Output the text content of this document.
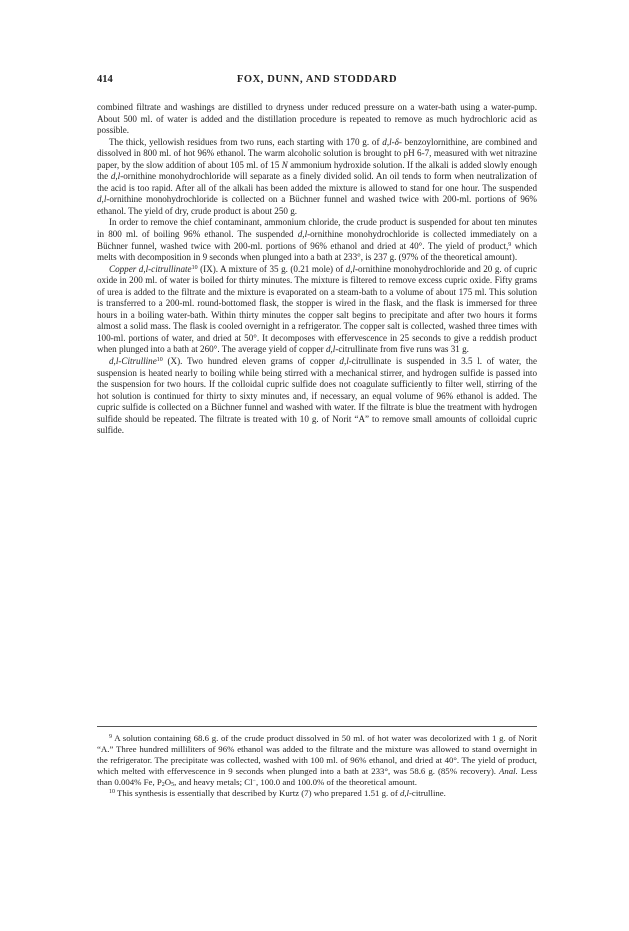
414	FOX, DUNN, AND STODDARD

combined filtrate and washings are distilled to dryness under reduced pressure on a water-bath using a water-pump. About 500 ml. of water is added and the distillation procedure is repeated to remove as much hydrochloric acid as possible.

The thick, yellowish residues from two runs, each starting with 170 g. of d,l-δ- benzoylornithine, are combined and dissolved in 800 ml. of hot 96% ethanol. The warm alcoholic solution is brought to pH 6-7, measured with wet nitrazine paper, by the slow addition of about 105 ml. of 15 N ammonium hydroxide solution. If the alkali is added slowly enough the d,l-ornithine monohydrochloride will separate as a finely divided solid. An oil tends to form when neutralization of the acid is too rapid. After all of the alkali has been added the mixture is allowed to stand for one hour. The suspended d,l-ornithine monohydrochloride is collected on a Büchner funnel and washed twice with 200-ml. portions of 96% ethanol. The yield of dry, crude product is about 250 g.

In order to remove the chief contaminant, ammonium chloride, the crude product is suspended for about ten minutes in 800 ml. of boiling 96% ethanol. The suspended d,l-ornithine monohydrochloride is collected immediately on a Büchner funnel, washed twice with 200-ml. portions of 96% ethanol and dried at 40°. The yield of product,$^9$ which melts with decomposition in 9 seconds when plunged into a bath at 233°, is 237 g. (97% of the theoretical amount).

Copper d,l-citrullinate$^{10}$ (IX). A mixture of 35 g. (0.21 mole) of d,l-ornithine monohydrochloride and 20 g. of cupric oxide in 200 ml. of water is boiled for thirty minutes. The mixture is filtered to remove excess cupric oxide. Fifty grams of urea is added to the filtrate and the mixture is evaporated on a steam-bath to a volume of about 175 ml. This solution is transferred to a 200-ml. round-bottomed flask, the stopper is wired in the flask, and the flask is immersed for three hours in a boiling water-bath. Within thirty minutes the copper salt begins to precipitate and after two hours it forms almost a solid mass. The flask is cooled overnight in a refrigerator. The copper salt is collected, washed three times with 100-ml. portions of water, and dried at 50°. It decomposes with effervescence in 25 seconds to give a reddish product when plunged into a bath at 260°. The average yield of copper d,l-citrullinate from five runs was 31 g.

d,l-Citrulline$^{10}$ (X). Two hundred eleven grams of copper d,l-citrullinate is suspended in 3.5 l. of water, the suspension is heated nearly to boiling while being stirred with a mechanical stirrer, and hydrogen sulfide is passed into the suspension for two hours. If the colloidal cupric sulfide does not coagulate sufficiently to filter well, stirring of the hot solution is continued for thirty to sixty minutes and, if necessary, an equal volume of 96% ethanol is added. The cupric sulfide is collected on a Büchner funnel and washed with water. If the filtrate is blue the treatment with hydrogen sulfide should be repeated. The filtrate is treated with 10 g. of Norit “A” to remove small amounts of colloidal cupric sulfide.

$^9$ A solution containing 68.6 g. of the crude product dissolved in 50 ml. of hot water was decolorized with 1 g. of Norit “A.” Three hundred milliliters of 96% ethanol was added to the filtrate and the mixture was allowed to stand overnight in the refrigerator. The precipitate was collected, washed with 100 ml. of 96% ethanol, and dried at 40°. The yield of product, which melted with effervescence in 9 seconds when plunged into a bath at 233°, was 58.6 g. (85% recovery). Anal. Less than 0.004% Fe, $P_2O_5$, and heavy metals; Cl−, 100.0 and 100.0% of the theoretical amount.

$^{10}$ This synthesis is essentially that described by Kurtz (7) who prepared 1.51 g. of d,l-citrulline.
